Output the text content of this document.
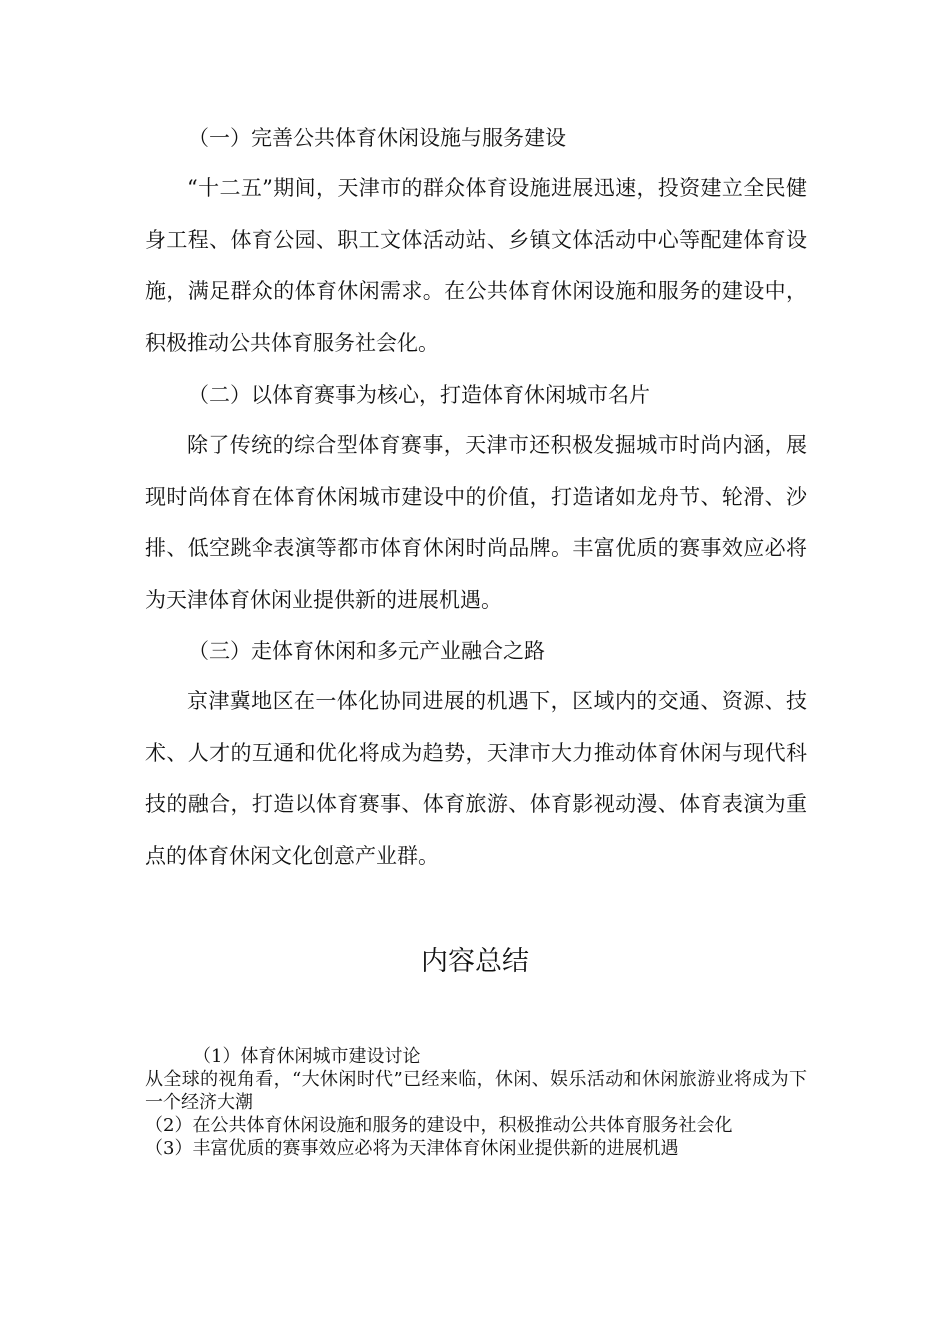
（一）完善公共体育休闲设施与服务建设
“十二五”期间，天津市的群众体育设施进展迅速，投资建立全民健身工程、体育公园、职工文体活动站、乡镇文体活动中心等配建体育设施，满足群众的体育休闲需求。在公共体育休闲设施和服务的建设中，积极推动公共体育服务社会化。
（二）以体育赛事为核心，打造体育休闲城市名片
除了传统的综合型体育赛事，天津市还积极发掘城市时尚内涵，展现时尚体育在体育休闲城市建设中的价值，打造诸如龙舟节、轮滑、沙排、低空跳伞表演等都市体育休闲时尚品牌。丰富优质的赛事效应必将为天津体育休闲业提供新的进展机遇。
（三）走体育休闲和多元产业融合之路
京津冀地区在一体化协同进展的机遇下，区域内的交通、资源、技术、人才的互通和优化将成为趋势，天津市大力推动体育休闲与现代科技的融合，打造以体育赛事、体育旅游、体育影视动漫、体育表演为重点的体育休闲文化创意产业群。
内容总结
（1）体育休闲城市建设讨论
从全球的视角看，“大休闲时代”已经来临，休闲、娱乐活动和休闲旅游业将成为下一个经济大潮
（2）在公共体育休闲设施和服务的建设中，积极推动公共体育服务社会化
（3）丰富优质的赛事效应必将为天津体育休闲业提供新的进展机遇
